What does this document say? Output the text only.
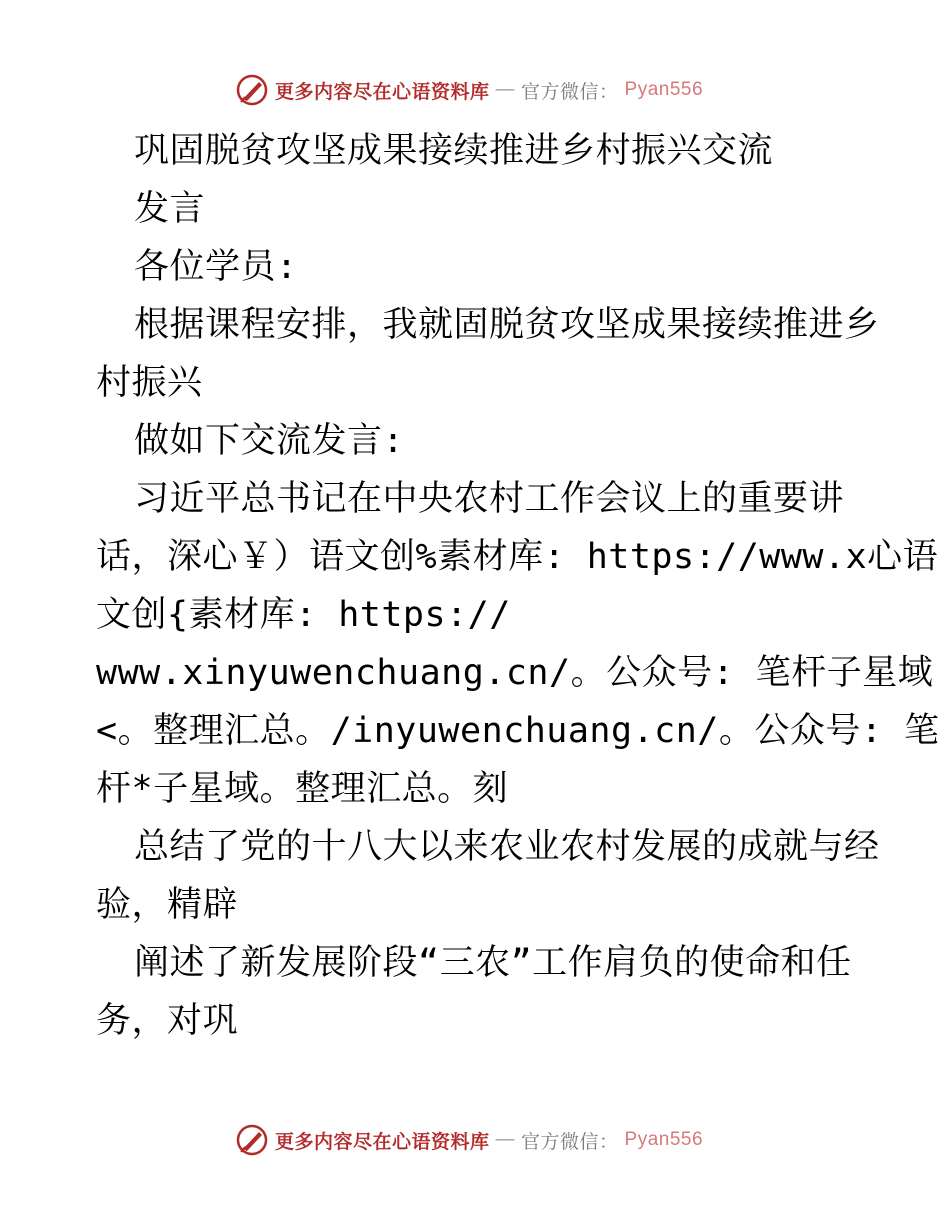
更多内容尽在心语资料库 — 官方微信： Pyan556
巩固脱贫攻坚成果接续推进乡村振兴交流
发言
各位学员:
根据课程安排，我就固脱贫攻坚成果接续推进乡
村振兴
做如下交流发言:
习近平总书记在中央农村工作会议上的重要讲
话，深心￥）语文创%素材库: https://www.x心语
文创{素材库: https://
www.xinyuwenchuang.cn/。公众号: 笔杆子星域
<。整理汇总。/inyuwenchuang.cn/。公众号: 笔
杆*子星域。整理汇总。刻
总结了党的十八大以来农业农村发展的成就与经
验，精辟
阐述了新发展阶段“三农”工作肩负的使命和任
务，对巩
更多内容尽在心语资料库 — 官方微信： Pyan556
